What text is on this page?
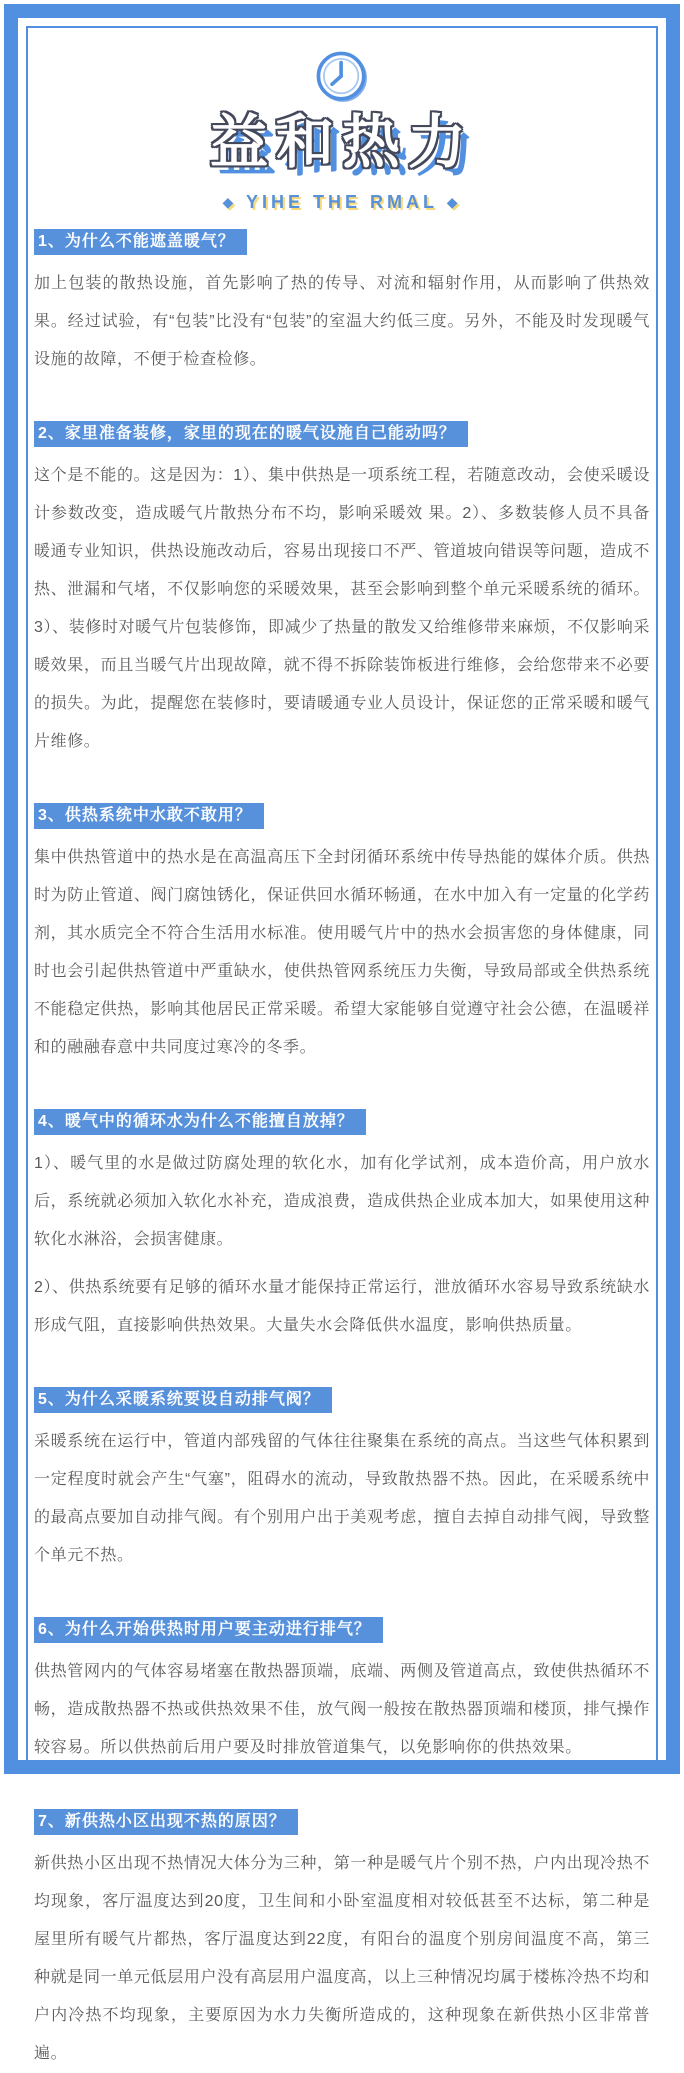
益和热力
◆ YIHE THE RMAL ◆
1、为什么不能遮盖暖气？

加上包装的散热设施，首先影响了热的传导、对流和辐射作用，从而影响了供热效果。经过试验，有“包装”比没有“包装”的室温大约低三度。另外，不能及时发现暖气设施的故障，不便于检查检修。

2、家里准备装修，家里的现在的暖气设施自己能动吗？

这个是不能的。这是因为：1）、集中供热是一项系统工程，若随意改动，会使采暖设计参数改变，造成暖气片散热分布不均，影响采暖效 果。2）、多数装修人员不具备暖通专业知识，供热设施改动后，容易出现接口不严、管道坡向错误等问题，造成不热、泄漏和气堵，不仅影响您的采暖效果，甚至会影响到整个单元采暖系统的循环。3）、装修时对暖气片包装修饰，即减少了热量的散发又给维修带来麻烦，不仅影响采暖效果，而且当暖气片出现故障，就不得不拆除装饰板进行维修，会给您带来不必要的损失。为此，提醒您在装修时，要请暖通专业人员设计，保证您的正常采暖和暖气片维修。

3、供热系统中水敢不敢用？

集中供热管道中的热水是在高温高压下全封闭循环系统中传导热能的媒体介质。供热时为防止管道、阀门腐蚀锈化，保证供回水循环畅通，在水中加入有一定量的化学药剂，其水质完全不符合生活用水标准。使用暖气片中的热水会损害您的身体健康，同时也会引起供热管道中严重缺水，使供热管网系统压力失衡，导致局部或全供热系统不能稳定供热，影响其他居民正常采暖。希望大家能够自觉遵守社会公德，在温暖祥和的融融春意中共同度过寒冷的冬季。

4、暖气中的循环水为什么不能擅自放掉？

1）、暖气里的水是做过防腐处理的软化水，加有化学试剂，成本造价高，用户放水后，系统就必须加入软化水补充，造成浪费，造成供热企业成本加大，如果使用这种软化水淋浴，会损害健康。

2）、供热系统要有足够的循环水量才能保持正常运行，泄放循环水容易导致系统缺水形成气阻，直接影响供热效果。大量失水会降低供水温度，影响供热质量。

5、为什么采暖系统要设自动排气阀？

采暖系统在运行中，管道内部残留的气体往往聚集在系统的高点。当这些气体积累到一定程度时就会产生“气塞”，阻碍水的流动，导致散热器不热。因此，在采暖系统中的最高点要加自动排气阀。有个别用户出于美观考虑，擅自去掉自动排气阀，导致整个单元不热。

6、为什么开始供热时用户要主动进行排气？

供热管网内的气体容易堵塞在散热器顶端，底端、两侧及管道高点，致使供热循环不畅，造成散热器不热或供热效果不佳，放气阀一般按在散热器顶端和楼顶，排气操作较容易。所以供热前后用户要及时排放管道集气，以免影响你的供热效果。

7、新供热小区出现不热的原因？

新供热小区出现不热情况大体分为三种，第一种是暖气片个别不热，户内出现冷热不均现象，客厅温度达到20度，卫生间和小卧室温度相对较低甚至不达标，第二种是屋里所有暖气片都热，客厅温度达到22度，有阳台的温度个别房间温度不高，第三种就是同一单元低层用户没有高层用户温度高，以上三种情况均属于楼栋冷热不均和户内冷热不均现象，主要原因为水力失衡所造成的，这种现象在新供热小区非常普遍。
